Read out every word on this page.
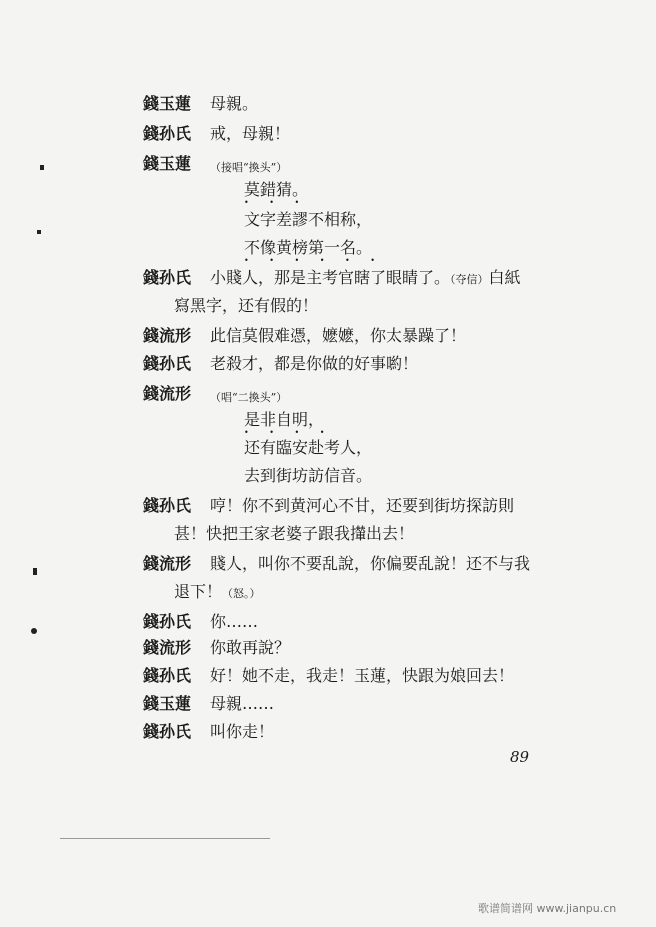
錢玉蓮 母親。
錢孙氏 戒，母親！
錢玉蓮 （接唱“換头”）
莫錯猜。
• • •
文字差謬不相称，
不像黄榜第一名。
• • • • • •
錢孙氏 小賤人，那是主考官瞎了眼睛了。（夺信）白紙
寫黑字，还有假的！
錢流形 此信莫假难憑，嬷嬷，你太暴躁了！
錢孙氏 老殺才，都是你做的好事喲！
錢流形 （唱“二換头”）
是非自明，
• • • •
还有臨安赴考人，
去到街坊訪信音。
錢孙氏 哼！你不到黄河心不甘，还要到街坊探訪則
甚！快把王家老婆子跟我攆出去！
錢流形 賤人，叫你不要乱說，你偏要乱說！还不与我
退下！（怒。）
錢孙氏 你……
錢流形 你敢再說？
錢孙氏 好！她不走，我走！玉蓮，快跟为娘回去！
錢玉蓮 母親……
錢孙氏 叫你走！
89
歌谱简谱网 www.jianpu.cn
